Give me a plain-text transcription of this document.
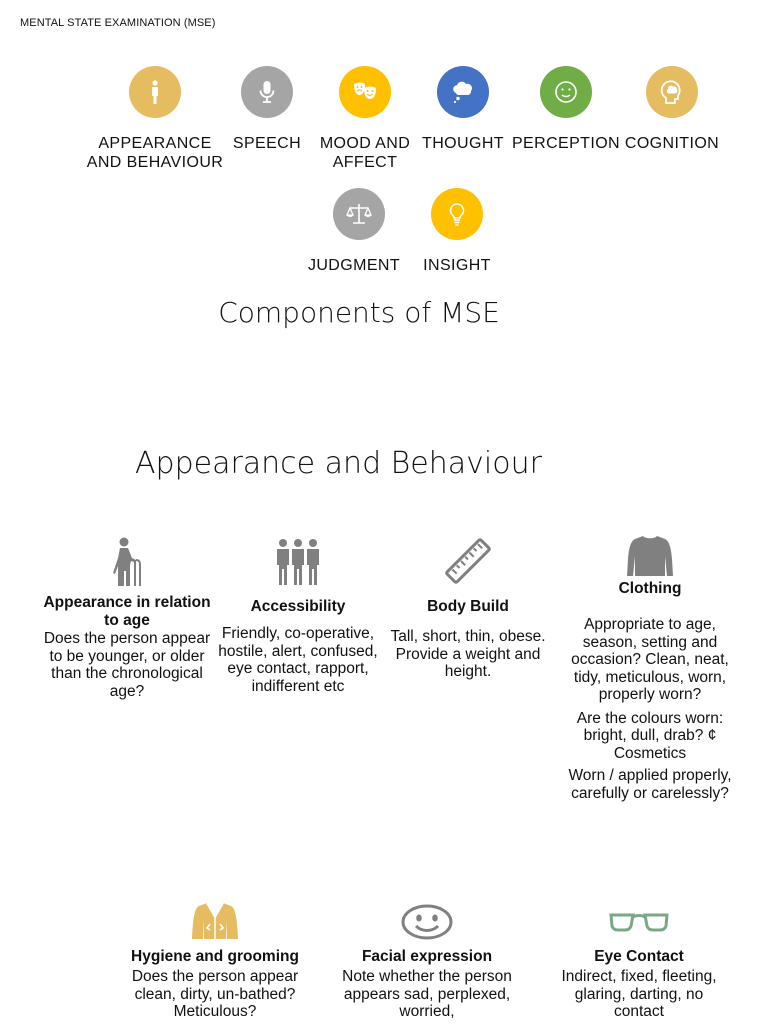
MENTAL STATE EXAMINATION (MSE)
APPEARANCE AND BEHAVIOUR
SPEECH	MOOD AND AFFECT
THOUGHT PERCEPTION COGNITION
JUDGMENT	INSIGHT
Components of MSE
Appearance and Behaviour
Appearance in relation to age

Does the person appear to be younger, or older than the chronological age?

Accessibility

Friendly, co-operative, hostile, alert, confused, eye contact, rapport, indifferent etc

Body Build

Tall, short, thin, obese. Provide a weight and height.

Clothing

Appropriate to age, season, setting and occasion? Clean, neat, tidy, meticulous, worn, properly worn?

Are the colours worn: bright, dull, drab? ¢ Cosmetics

Worn / applied properly, carefully or carelessly?

Hygiene and grooming

Does the person appear clean, dirty, un-bathed? Meticulous?

Facial expression

Note whether the person appears sad, perplexed, worried,

Eye Contact

Indirect, fixed, fleeting, glaring, darting, no contact
